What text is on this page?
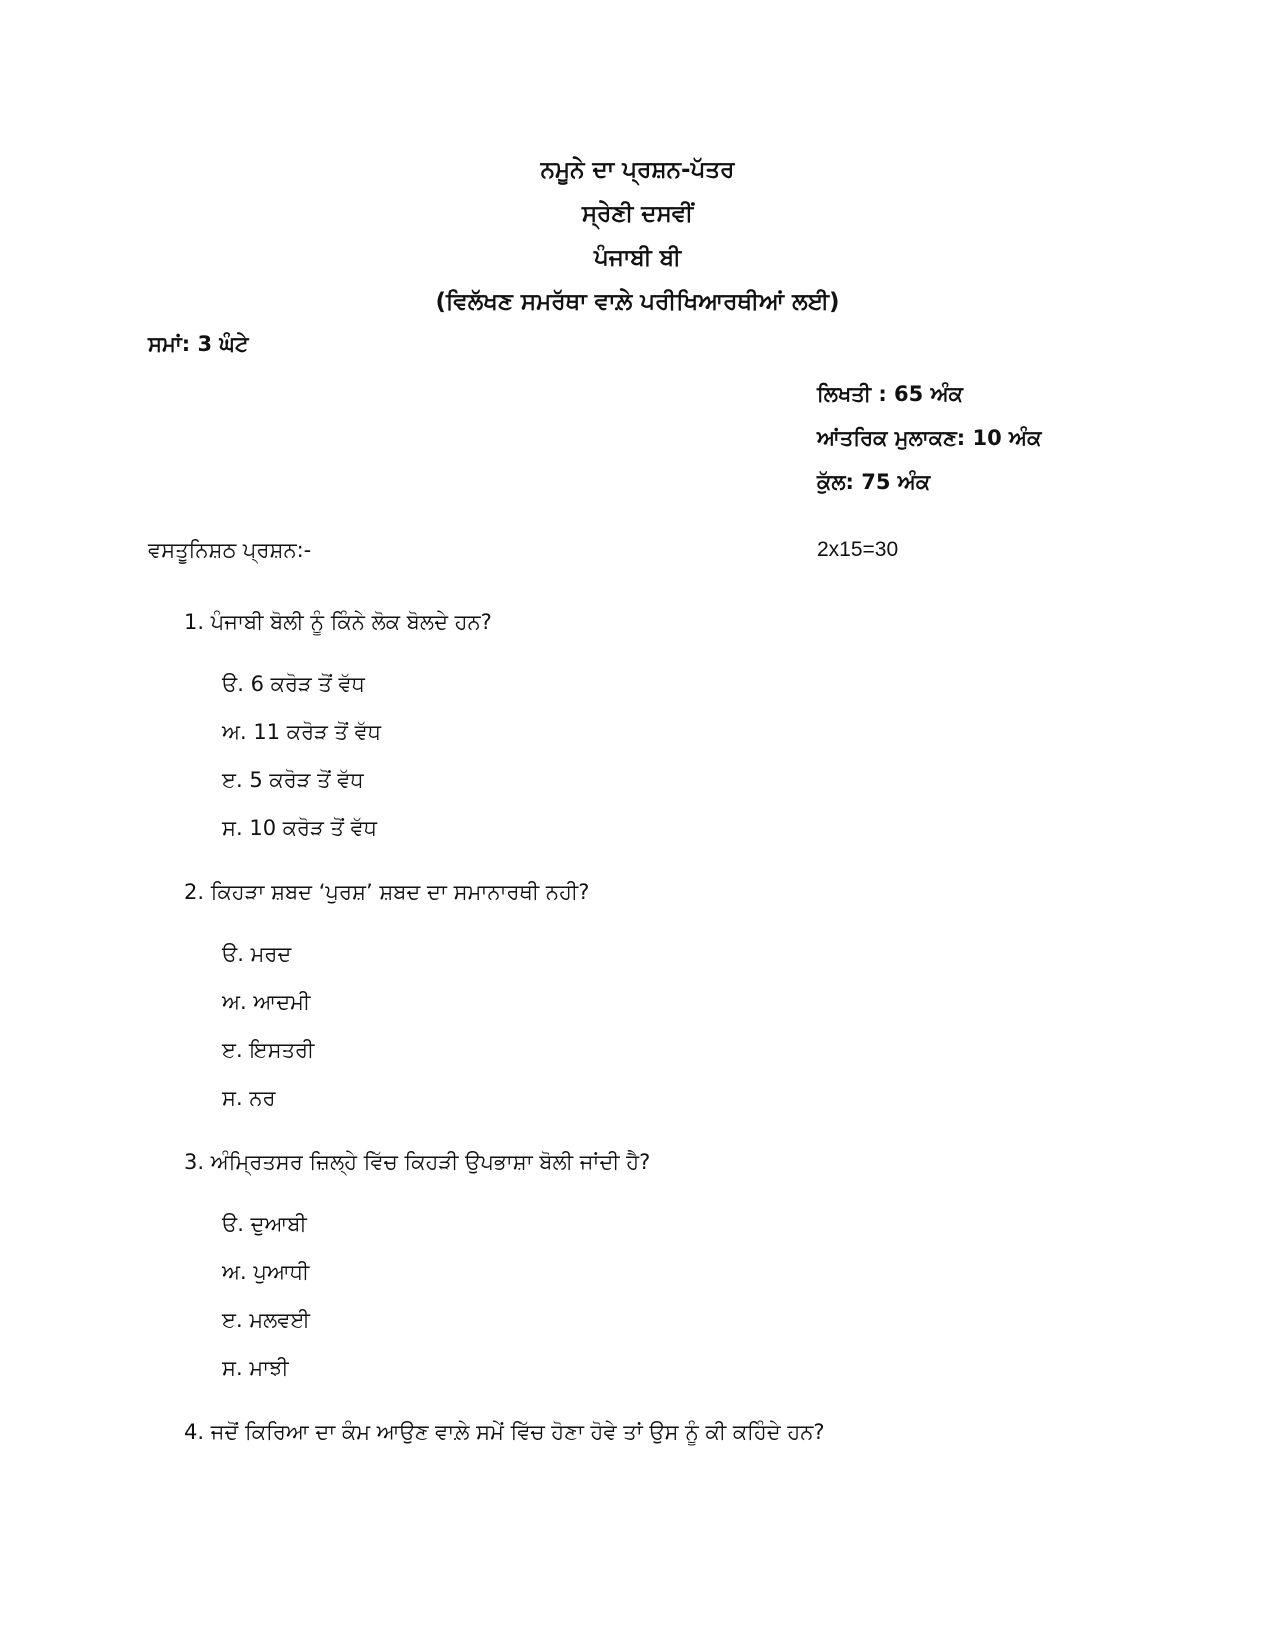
ਨਮੂਨੇ ਦਾ ਪ੍ਰਸ਼ਨ-ਪੱਤਰ
ਸ੍ਰੇਣੀ ਦਸਵੀਂ
ਪੰਜਾਬੀ ਬੀ
(ਵਿਲੱਖਣ ਸਮਰੱਥਾ ਵਾਲ਼ੇ ਪਰੀਖਿਆਰਥੀਆਂ ਲਈ)
ਸਮਾਂ: 3 ਘੰਟੇ
ਲਿਖਤੀ : 65 ਅੰਕ
ਆਂਤਰਿਕ ਮੁਲਾਕਣ: 10 ਅੰਕ
ਕੁੱਲ: 75 ਅੰਕ
ਵਸਤੂਨਿਸ਼ਠ ਪ੍ਰਸ਼ਨ:-	2x15=30
1. ਪੰਜਾਬੀ ਬੋਲੀ ਨੂੰ ਕਿੰਨੇ ਲੋਕ ਬੋਲਦੇ ਹਨ?
ੳ. 6 ਕਰੋੜ ਤੋਂ ਵੱਧ
ਅ. 11 ਕਰੋੜ ਤੋਂ ਵੱਧ
ੲ. 5 ਕਰੋੜ ਤੋਂ ਵੱਧ
ਸ. 10 ਕਰੋੜ ਤੋਂ ਵੱਧ
2. ਕਿਹੜਾ ਸ਼ਬਦ ‘ਪੁਰਸ਼’ ਸ਼ਬਦ ਦਾ ਸਮਾਨਾਰਥੀ ਨਹੀ?
ੳ. ਮਰਦ
ਅ. ਆਦਮੀ
ੲ. ਇਸਤਰੀ
ਸ. ਨਰ
3. ਅੰਮ੍ਰਿਤਸਰ ਜ਼ਿਲ੍ਹੇ ਵਿੱਚ ਕਿਹੜੀ ਉਪਭਾਸ਼ਾ ਬੋਲੀ ਜਾਂਦੀ ਹੈ?
ੳ. ਦੁਆਬੀ
ਅ. ਪੁਆਧੀ
ੲ. ਮਲਵਈ
ਸ. ਮਾਝੀ
4. ਜਦੋਂ ਕਿਰਿਆ ਦਾ ਕੰਮ ਆਉਣ ਵਾਲ਼ੇ ਸਮੇਂ ਵਿੱਚ ਹੋਣਾ ਹੋਵੇ ਤਾਂ ਉਸ ਨੂੰ ਕੀ ਕਹਿੰਦੇ ਹਨ?
